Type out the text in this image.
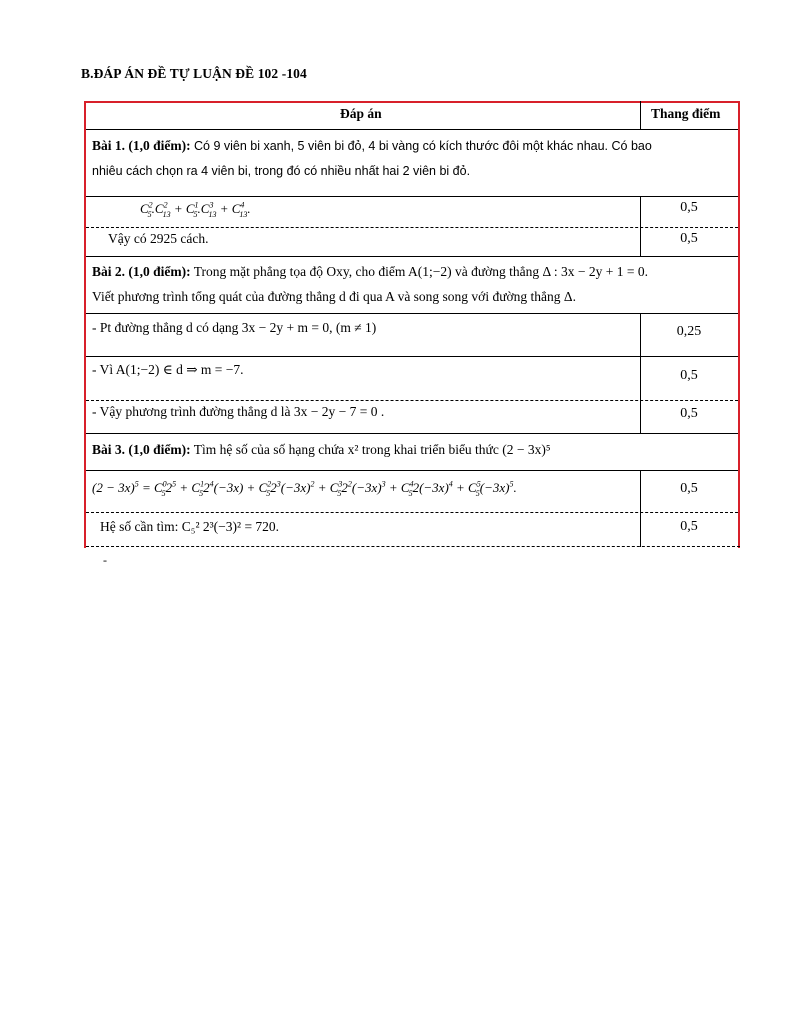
B.ĐÁP ÁN ĐỀ TỰ LUẬN ĐỀ 102 -104
Đáp án	Thang điểm
Bài 1. (1,0 điểm): Có 9 viên bi xanh, 5 viên bi đỏ, 4 bi vàng có kích thước đôi một khác nhau. Có bao
nhiêu cách chọn ra 4 viên bi, trong đó có nhiều nhất hai 2 viên bi đỏ.
$C^2_5.C^2_{13} + C^1_5.C^3_{13} + C^4_{13}$.	0,5
Vậy có 2925 cách.	0,5
Bài 2. (1,0 điểm): Trong mặt phẳng tọa độ Oxy, cho điểm A(1;−2) và đường thẳng Δ : 3x − 2y + 1 = 0.
Viết phương trình tổng quát của đường thẳng d đi qua A và song song với đường thẳng Δ.
- Pt đường thẳng d có dạng 3x − 2y + m = 0, (m ≠ 1)	0,25
- Vì A(1;−2) ∈ d ⇒ m = −7.	0,5
- Vậy phương trình đường thẳng d là 3x − 2y − 7 = 0 .	0,5
Bài 3. (1,0 điểm): Tìm hệ số của số hạng chứa x² trong khai triển biểu thức (2 − 3x)⁵
$(2 - 3x)^5 = C^0_52^5 + C^1_52^4(-3x) + C^2_52^3(-3x)^2 + C^3_52^2(-3x)^3 + C^4_52(-3x)^4 + C^5_5(-3x)^5$.	0,5
Hệ số cần tìm: C₅² 2³(−3)² = 720.	0,5
-
